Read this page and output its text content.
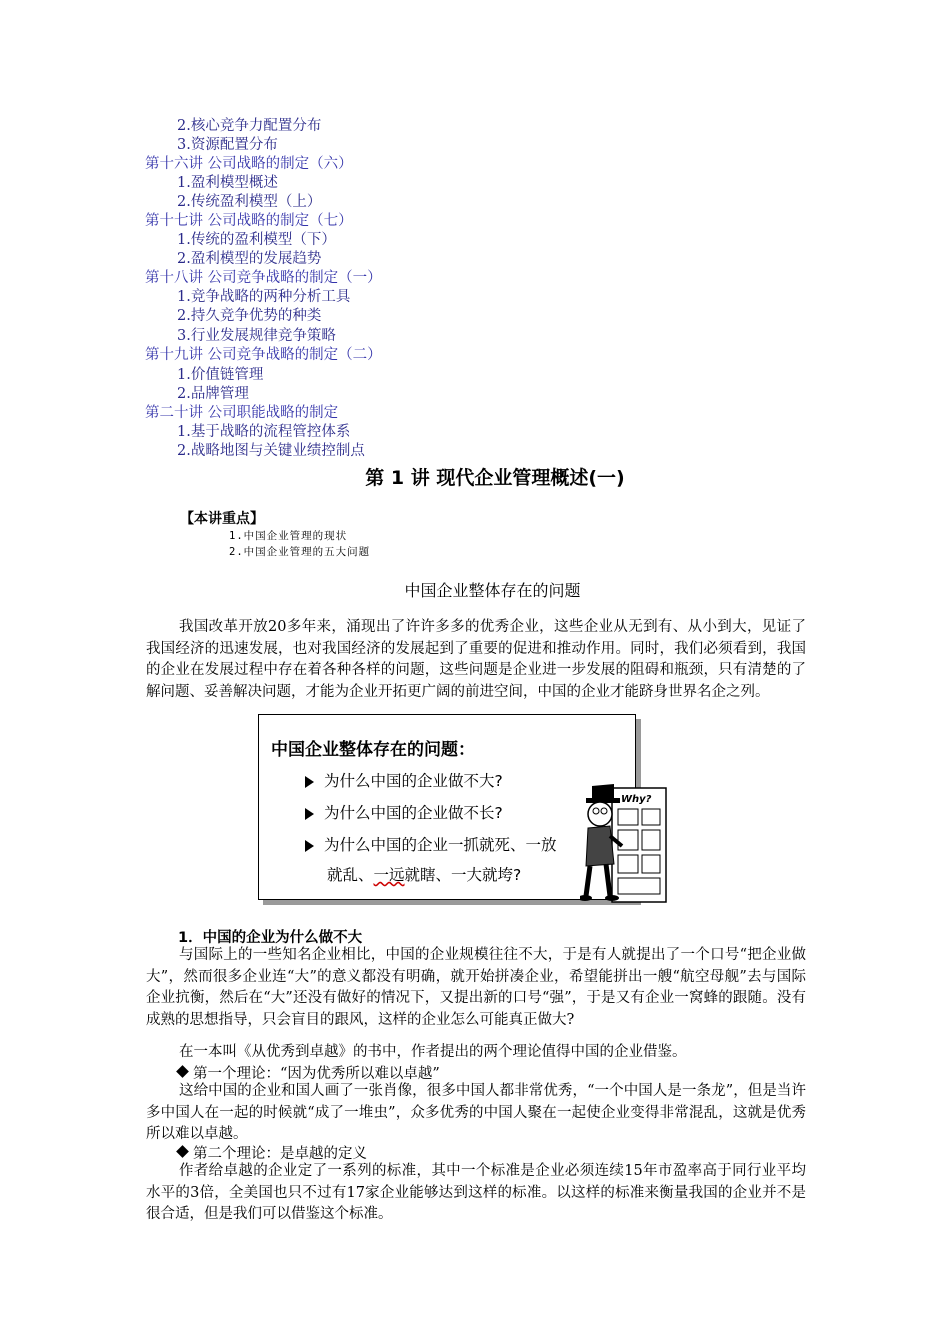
2.核心竞争力配置分布
3.资源配置分布
第十六讲 公司战略的制定（六）
1.盈利模型概述
2.传统盈利模型（上）
第十七讲 公司战略的制定（七）
1.传统的盈利模型（下）
2.盈利模型的发展趋势
第十八讲 公司竞争战略的制定（一）
1.竞争战略的两种分析工具
2.持久竞争优势的种类
3.行业发展规律竞争策略
第十九讲 公司竞争战略的制定（二）
1.价值链管理
2.品牌管理
第二十讲 公司职能战略的制定
1.基于战略的流程管控体系
2.战略地图与关键业绩控制点
第 1 讲 现代企业管理概述(一)
【本讲重点】
1.中国企业管理的现状
2.中国企业管理的五大问题
中国企业整体存在的问题

我国改革开放20多年来，涌现出了许许多多的优秀企业，这些企业从无到有、从小到大，见证了我国经济的迅速发展，也对我国经济的发展起到了重要的促进和推动作用。同时，我们必须看到，我国的企业在发展过程中存在着各种各样的问题，这些问题是企业进一步发展的阻碍和瓶颈，只有清楚的了解问题、妥善解决问题，才能为企业开拓更广阔的前进空间，中国的企业才能跻身世界名企之列。

中国企业整体存在的问题：
为什么中国的企业做不大?
为什么中国的企业做不长?
为什么中国的企业一抓就死、一放
就乱、一远就瞎、一大就垮?
Why?
1．中国的企业为什么做不大

与国际上的一些知名企业相比，中国的企业规模往往不大，于是有人就提出了一个口号“把企业做大”，然而很多企业连“大”的意义都没有明确，就开始拼凑企业，希望能拼出一艘“航空母舰”去与国际企业抗衡，然后在“大”还没有做好的情况下，又提出新的口号“强”，于是又有企业一窝蜂的跟随。没有成熟的思想指导，只会盲目的跟风，这样的企业怎么可能真正做大?

在一本叫《从优秀到卓越》的书中，作者提出的两个理论值得中国的企业借鉴。

第一个理论：“因为优秀所以难以卓越”

这给中国的企业和国人画了一张肖像，很多中国人都非常优秀，“一个中国人是一条龙”，但是当许多中国人在一起的时候就“成了一堆虫”，众多优秀的中国人聚在一起使企业变得非常混乱，这就是优秀所以难以卓越。

第二个理论：是卓越的定义

作者给卓越的企业定了一系列的标准，其中一个标准是企业必须连续15年市盈率高于同行业平均水平的3倍，全美国也只不过有17家企业能够达到这样的标准。以这样的标准来衡量我国的企业并不是很合适，但是我们可以借鉴这个标准。
